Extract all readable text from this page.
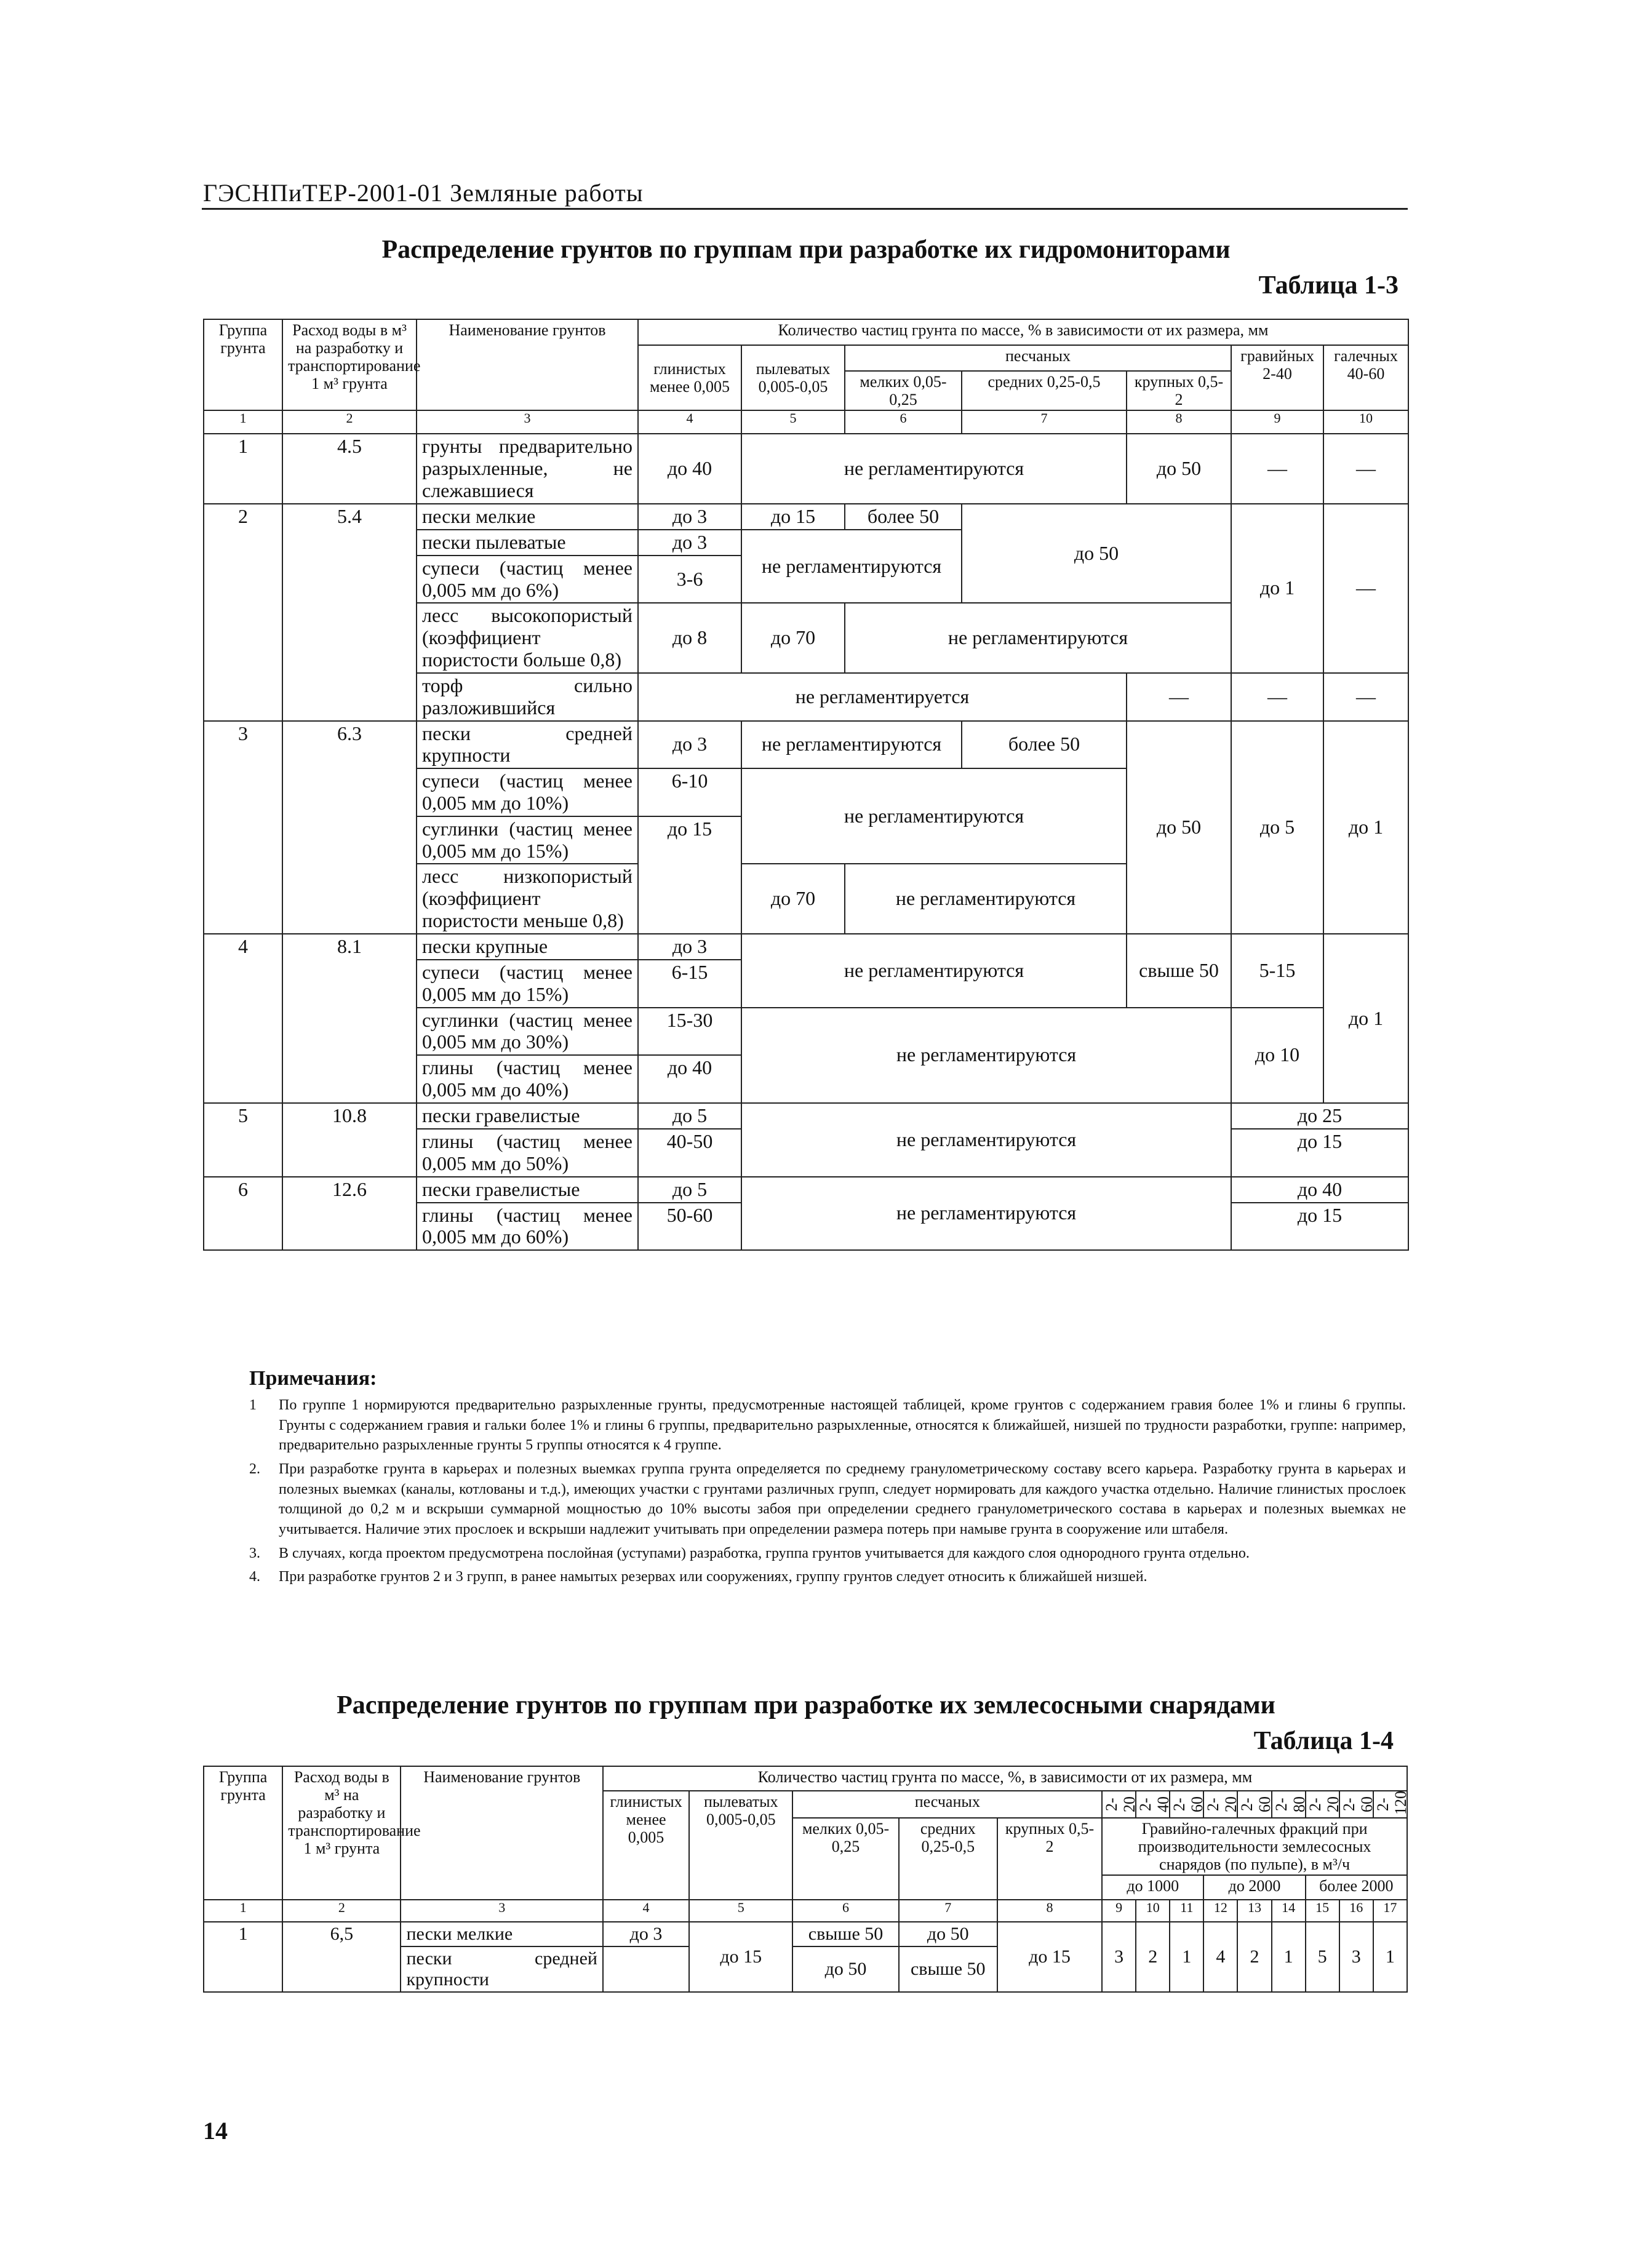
ГЭСНПиТЕР-2001-01 Земляные работы
Распределение грунтов по группам при разработке их гидромониторами
Таблица 1-3
Группа грунта	Расход воды в м³ на разработку и транспортирование 1 м³ грунта	Наименование грунтов	Количество частиц грунта по массе, % в зависимости от их размера, мм						
			глинистых менее 0,005	пылеватых 0,005-0,05	песчаных			гравийных 2-40	галечных 40-60
					мелких 0,05-0,25	средних 0,25-0,5	крупных 0,5-2		
1	2	3	4	5	6	7	8	9	10
1	4.5	грунты предварительно разрыхленные, не слежавшиеся	до 40	не регламентируются			до 50	—	—
2	5.4	пески мелкие	до 3	до 15	более 50	до 50		до 1	—
		пески пылеватые	до 3	не регламентируются					
		супеси (частиц менее 0,005 мм до 6%)	3-6						
		лесс высокопористый (коэффициент пористости больше 0,8)	до 8	до 70	не регламентируются				
		торф сильно разложившийся	не регламентируется				—	—	—
3	6.3	пески средней крупности	до 3	не регламентируются		более 50	до 50	до 5	до 1
		супеси (частиц менее 0,005 мм до 10%)	6-10	не регламентируются					
		суглинки (частиц менее 0,005 мм до 15%)	до 15						
		лесс низкопористый (коэффициент пористости меньше 0,8)		до 70	не регламентируются				
4	8.1	пески крупные	до 3	не регламентируются			свыше 50	5-15	до 1
		супеси (частиц менее 0,005 мм до 15%)	6-15						
		суглинки (частиц менее 0,005 мм до 30%)	15-30	не регламентируются				до 10	
		глины (частиц менее 0,005 мм до 40%)	до 40						
5	10.8	пески гравелистые	до 5	не регламентируются				до 25	
		глины (частиц менее 0,005 мм до 50%)	40-50					до 15	
6	12.6	пески гравелистые	до 5	не регламентируются				до 40	
		глины (частиц менее 0,005 мм до 60%)	50-60					до 15	
Примечания:
1	По группе 1 нормируются предварительно разрыхленные грунты, предусмотренные настоящей таблицей, кроме грунтов с содержанием гравия более 1% и глины 6 группы. Грунты с содержанием гравия и гальки более 1% и глины 6 группы, предварительно разрыхленные, относятся к ближайшей, низшей по трудности разработки, группе: например, предварительно разрыхленные грунты 5 группы относятся к 4 группе.
2.	При разработке грунта в карьерах и полезных выемках группа грунта определяется по среднему гранулометрическому составу всего карьера. Разработку грунта в карьерах и полезных выемках (каналы, котлованы и т.д.), имеющих участки с грунтами различных групп, следует нормировать для каждого участка отдельно. Наличие глинистых прослоек толщиной до 0,2 м и вскрыши суммарной мощностью до 10% высоты забоя при определении среднего гранулометрического состава в карьерах и полезных выемках не учитывается. Наличие этих прослоек и вскрыши надлежит учитывать при определении размера потерь при намыве грунта в сооружение или штабеля.
3.	В случаях, когда проектом предусмотрена послойная (уступами) разработка, группа грунтов учитывается для каждого слоя однородного грунта отдельно.
4.	При разработке грунтов 2 и 3 групп, в ранее намытых резервах или сооружениях, группу грунтов следует относить к ближайшей низшей.
Распределение грунтов по группам при разработке их землесосными снарядами
Таблица 1-4
Группа грунта	Расход воды в м³ на разработку и транспортирование 1 м³ грунта	Наименование грунтов	Количество частиц грунта по массе, %, в зависимости от их размера, мм													
			глинистых менее 0,005	пылеватых 0,005-0,05	песчаных			2-20	2-40	2-60	2-20	2-60	2-80	2-20	2-60	2-120
					мелких 0,05-0,25	средних 0,25-0,5	крупных 0,5-2	Гравийно-галечных фракций при производительности землесосных снарядов (по пульпе), в м³/ч								
								до 1000			до 2000			более 2000		
1	2	3	4	5	6	7	8	9	10	11	12	13	14	15	16	17
1	6,5	пески мелкие	до 3	до 15	свыше 50	до 50	до 15	3	2	1	4	2	1	5	3	1
		пески средней крупности			до 50	свыше 50										
14
